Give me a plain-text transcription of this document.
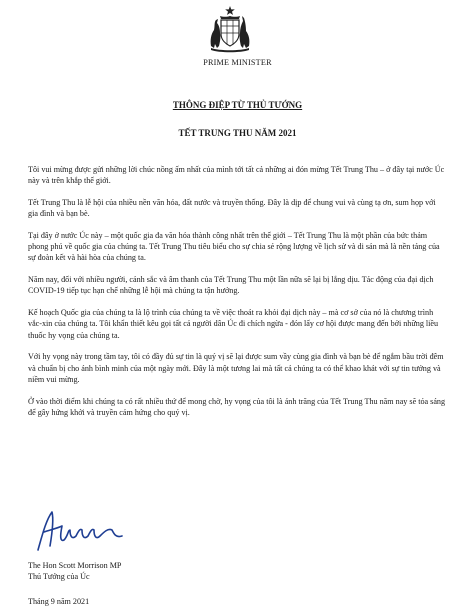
PRIME MINISTER
THÔNG ĐIỆP TỪ THỦ TƯỚNG
TẾT TRUNG THU NĂM 2021

Tôi vui mừng được gửi những lời chúc nồng ấm nhất của mình tới tất cả những ai đón mừng Tết Trung Thu – ở đây tại nước Úc này và trên khắp thế giới.

Tết Trung Thu là lễ hội của nhiều nền văn hóa, đất nước và truyền thống. Đây là dịp để chung vui và cùng tạ ơn, sum họp với gia đình và bạn bè.

Tại đây ở nước Úc này – một quốc gia đa văn hóa thành công nhất trên thế giới – Tết Trung Thu là một phần của bức thảm phong phú về quốc gia của chúng ta. Tết Trung Thu tiêu biểu cho sự chia sẻ rộng lượng về lịch sử và di sản mà là nền tảng của sự đoàn kết và hài hòa của chúng ta.

Năm nay, đối với nhiều người, cảnh sắc và âm thanh của Tết Trung Thu một lần nữa sẽ lại bị lắng dịu. Tác động của đại dịch COVID-19 tiếp tục hạn chế những lễ hội mà chúng ta tận hưởng.

Kế hoạch Quốc gia của chúng ta là lộ trình của chúng ta về việc thoát ra khỏi đại dịch này – mà cơ sở của nó là chương trình vắc-xin của chúng ta. Tôi khẩn thiết kêu gọi tất cả người dân Úc đi chích ngừa - đón lấy cơ hội được mang đến bởi những liều thuốc hy vọng của chúng ta.

Với hy vọng này trong tầm tay, tôi có đầy đủ sự tin là quý vị sẽ lại được sum vầy cùng gia đình và bạn bè để ngắm bầu trời đêm và chuẩn bị cho ánh bình minh của một ngày mới. Đây là một tương lai mà tất cả chúng ta có thể khao khát với sự tin tưởng và niềm vui mừng.

Ở vào thời điểm khi chúng ta có rất nhiều thứ để mong chờ, hy vọng của tôi là ánh trăng của Tết Trung Thu năm nay sẽ tỏa sáng để gây hứng khởi và truyền cảm hứng cho quý vị.

The Hon Scott Morrison MP
Thủ Tướng của Úc
Tháng 9 năm 2021
